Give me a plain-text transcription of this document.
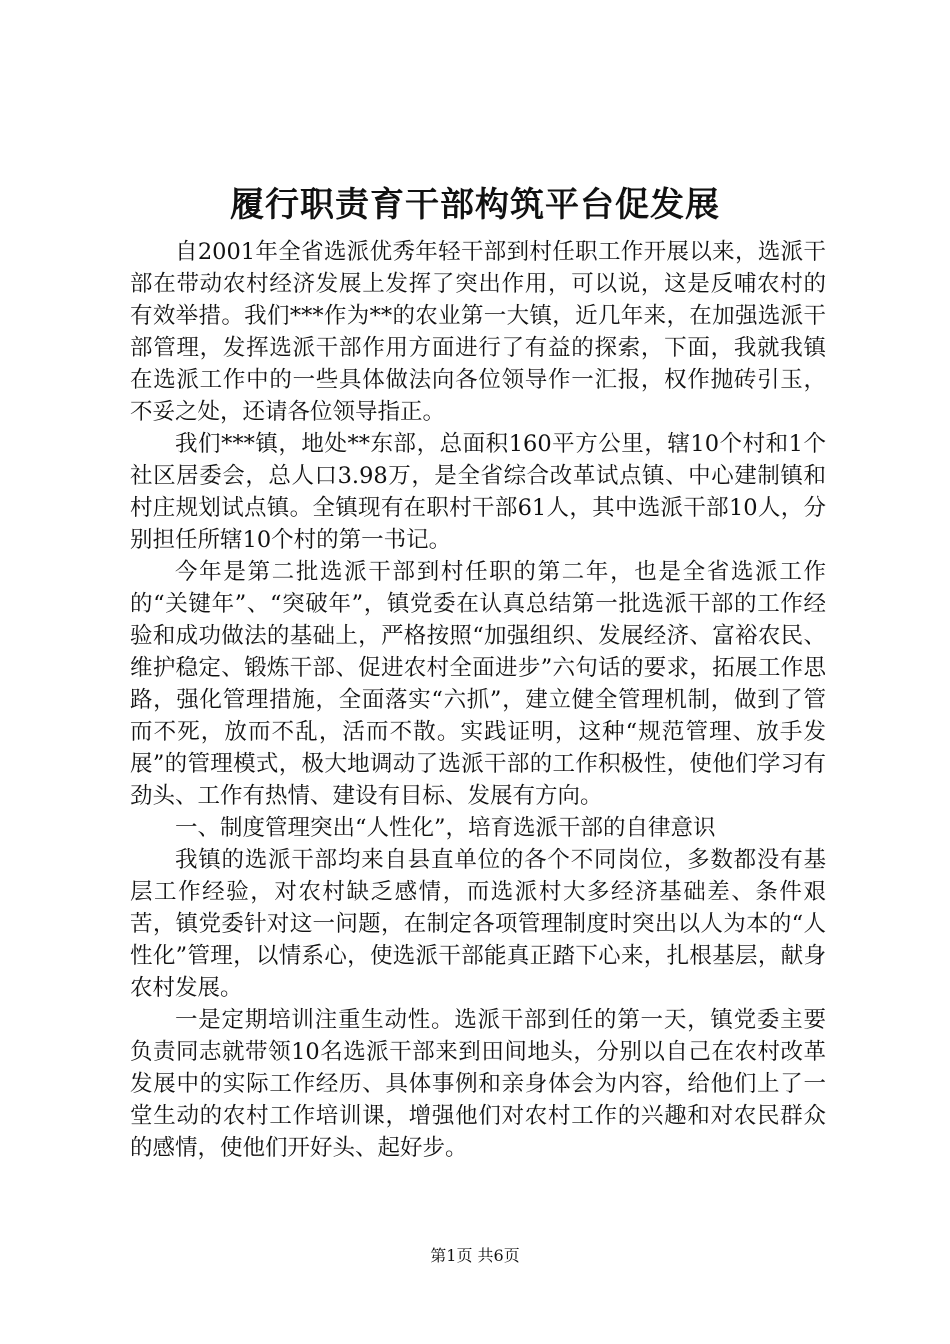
履行职责育干部构筑平台促发展

自2001年全省选派优秀年轻干部到村任职工作开展以来，选派干部在带动农村经济发展上发挥了突出作用，可以说，这是反哺农村的有效举措。我们***作为**的农业第一大镇，近几年来，在加强选派干部管理，发挥选派干部作用方面进行了有益的探索，下面，我就我镇在选派工作中的一些具体做法向各位领导作一汇报，权作抛砖引玉，不妥之处，还请各位领导指正。

我们***镇，地处**东部，总面积160平方公里，辖10个村和1个社区居委会，总人口3.98万，是全省综合改革试点镇、中心建制镇和村庄规划试点镇。全镇现有在职村干部61人，其中选派干部10人，分别担任所辖10个村的第一书记。

今年是第二批选派干部到村任职的第二年，也是全省选派工作的“关键年”、“突破年”，镇党委在认真总结第一批选派干部的工作经验和成功做法的基础上，严格按照“加强组织、发展经济、富裕农民、维护稳定、锻炼干部、促进农村全面进步”六句话的要求，拓展工作思路，强化管理措施，全面落实“六抓”，建立健全管理机制，做到了管而不死，放而不乱，活而不散。实践证明，这种“规范管理、放手发展”的管理模式，极大地调动了选派干部的工作积极性，使他们学习有劲头、工作有热情、建设有目标、发展有方向。

一、制度管理突出“人性化”，培育选派干部的自律意识

我镇的选派干部均来自县直单位的各个不同岗位，多数都没有基层工作经验，对农村缺乏感情，而选派村大多经济基础差、条件艰苦，镇党委针对这一问题，在制定各项管理制度时突出以人为本的“人性化”管理，以情系心，使选派干部能真正踏下心来，扎根基层，献身农村发展。

一是定期培训注重生动性。选派干部到任的第一天，镇党委主要负责同志就带领10名选派干部来到田间地头，分别以自己在农村改革发展中的实际工作经历、具体事例和亲身体会为内容，给他们上了一堂生动的农村工作培训课，增强他们对农村工作的兴趣和对农民群众的感情，使他们开好头、起好步。

第1页 共6页
